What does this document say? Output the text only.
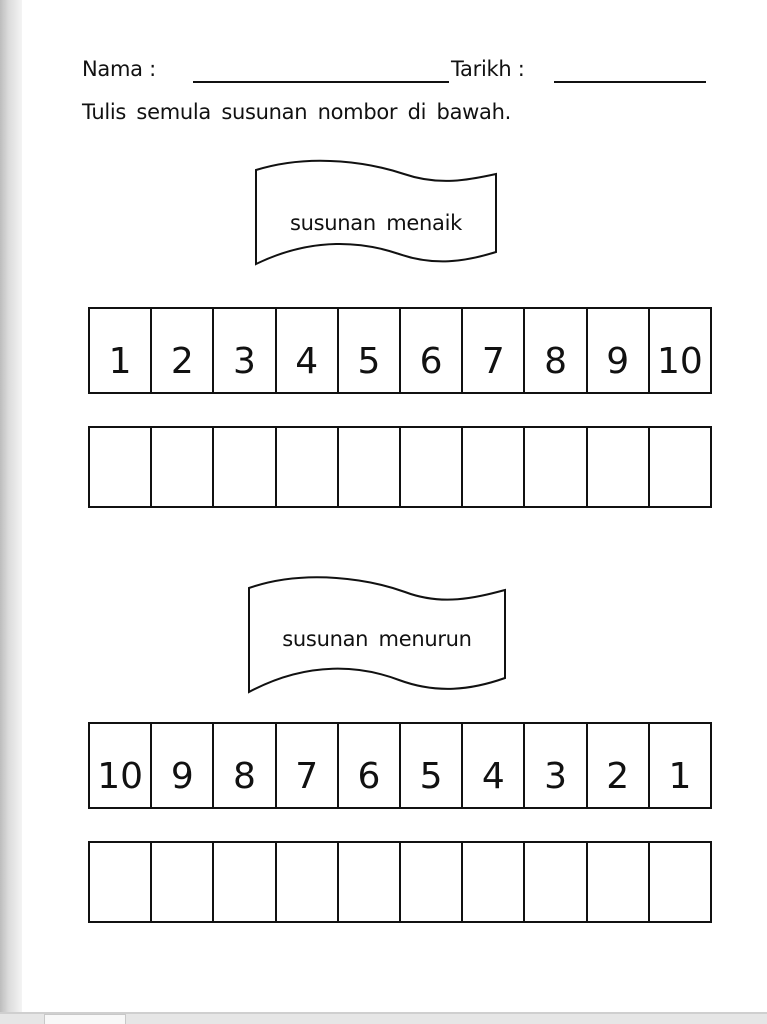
Nama :	Tarikh :
Tulis semula susunan nombor di bawah.
susunan menaik
1	2	3	4	5	6	7	8	9 10
susunan menurun
10 9	8	7	6	5	4	3	2	1
